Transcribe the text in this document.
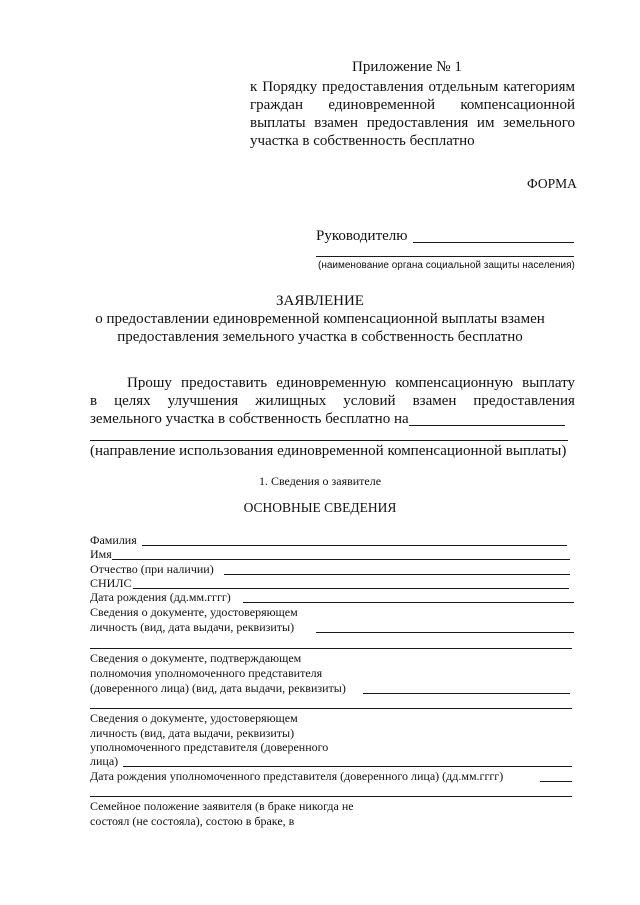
Приложение № 1
к Порядку предоставления отдельным категориям
граждан единовременной компенсационной
выплаты взамен предоставления им земельного
участка в собственность бесплатно
ФОРМА
Руководителю
(наименование органа социальной защиты населения)
ЗАЯВЛЕНИЕ
о предоставлении единовременной компенсационной выплаты взамен
предоставления земельного участка в собственность бесплатно
Прошу предоставить единовременную компенсационную выплату
в целях улучшения жилищных условий взамен предоставления
земельного участка в собственность бесплатно на
(направление использования единовременной компенсационной выплаты)
1. Сведения о заявителе
ОСНОВНЫЕ СВЕДЕНИЯ
Фамилия
Имя
Отчество (при наличии)
СНИЛС
Дата рождения (дд.мм.гггг)
Сведения о документе, удостоверяющем
личность (вид, дата выдачи, реквизиты)
Сведения о документе, подтверждающем
полномочия уполномоченного представителя
(доверенного лица) (вид, дата выдачи, реквизиты)
Сведения о документе, удостоверяющем
личность (вид, дата выдачи, реквизиты)
уполномоченного представителя (доверенного
лица)
Дата рождения уполномоченного представителя (доверенного лица) (дд.мм.гггг)
Семейное положение заявителя (в браке никогда не
состоял (не состояла), состою в браке, в
